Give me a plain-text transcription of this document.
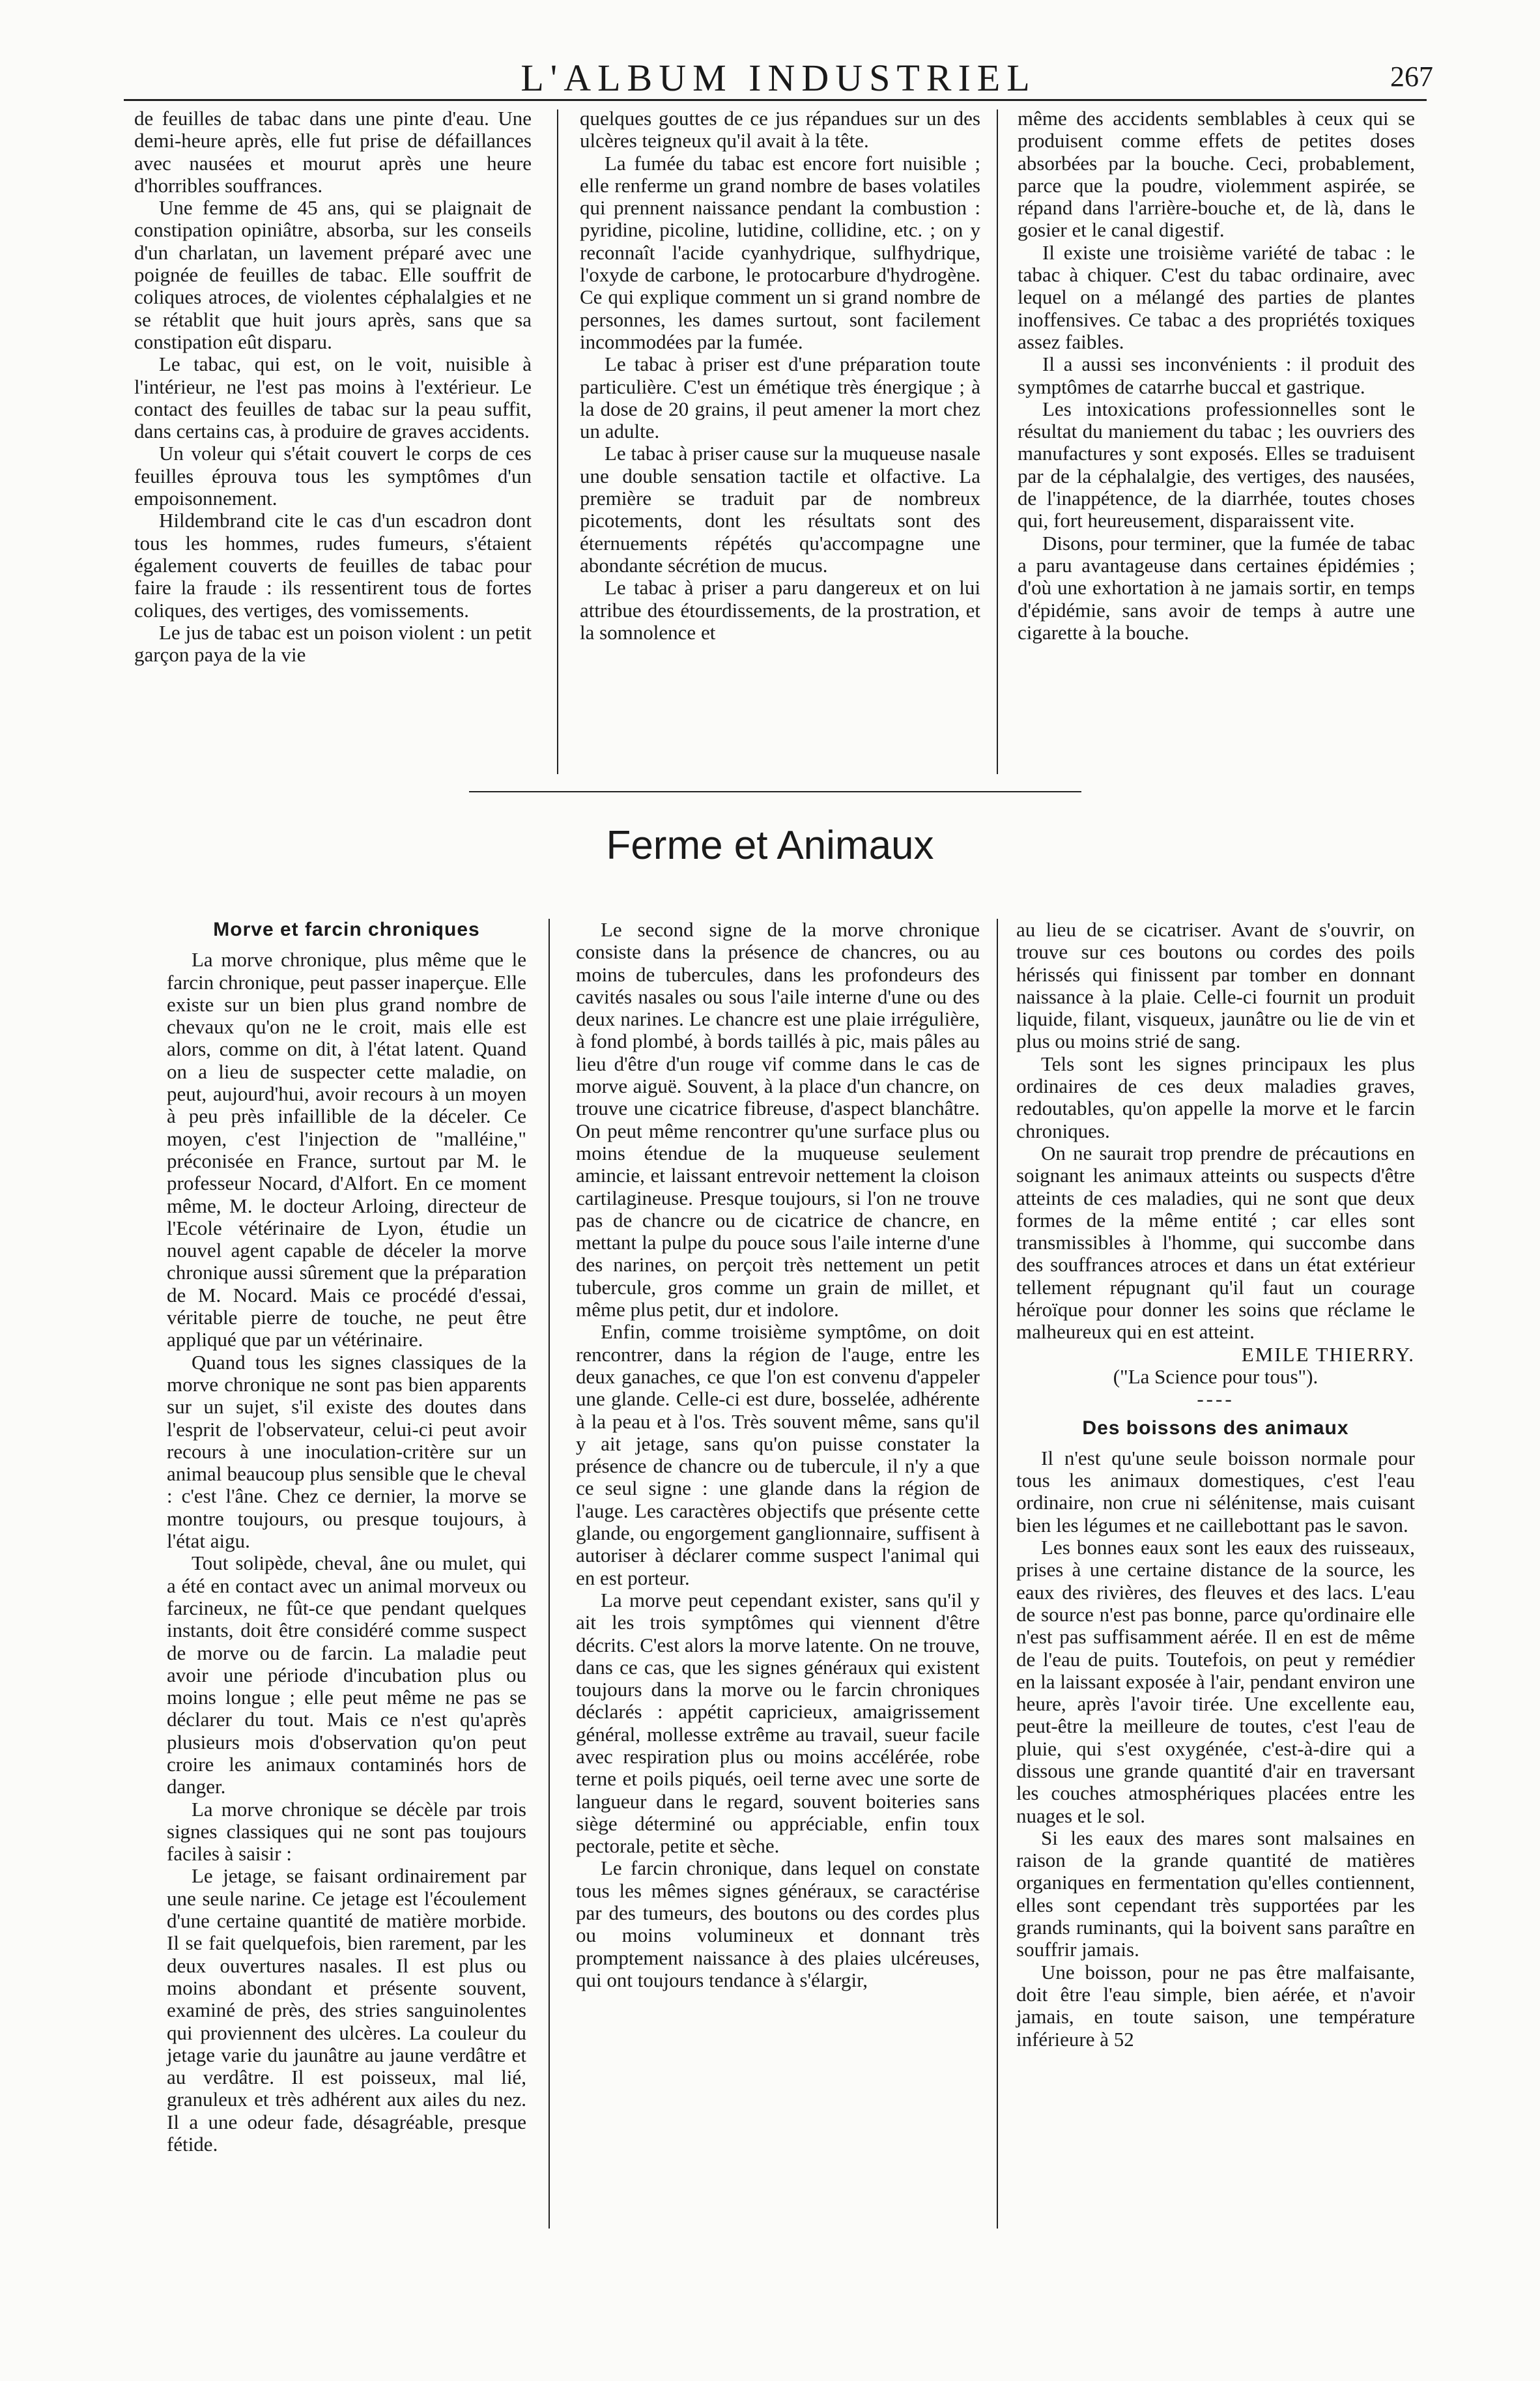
L'ALBUM INDUSTRIEL	267

de feuilles de tabac dans une pinte d'eau. Une demi-heure après, elle fut prise de défaillances avec nausées et mourut après une heure d'horribles souffrances.

Une femme de 45 ans, qui se plaignait de constipation opiniâtre, absorba, sur les conseils d'un charlatan, un lavement préparé avec une poignée de feuilles de tabac. Elle souffrit de coliques atroces, de violentes céphalalgies et ne se rétablit que huit jours après, sans que sa constipation eût disparu.

Le tabac, qui est, on le voit, nuisible à l'intérieur, ne l'est pas moins à l'extérieur. Le contact des feuilles de tabac sur la peau suffit, dans certains cas, à produire de graves accidents.

Un voleur qui s'était couvert le corps de ces feuilles éprouva tous les symptômes d'un empoisonnement.

Hildembrand cite le cas d'un escadron dont tous les hommes, rudes fumeurs, s'étaient également couverts de feuilles de tabac pour faire la fraude : ils ressentirent tous de fortes coliques, des vertiges, des vomissements.

Le jus de tabac est un poison violent : un petit garçon paya de la vie

quelques gouttes de ce jus répandues sur un des ulcères teigneux qu'il avait à la tête.

La fumée du tabac est encore fort nuisible ; elle renferme un grand nombre de bases volatiles qui prennent naissance pendant la combustion : pyridine, picoline, lutidine, collidine, etc. ; on y reconnaît l'acide cyanhydrique, sulfhydrique, l'oxyde de carbone, le protocarbure d'hydrogène. Ce qui explique comment un si grand nombre de personnes, les dames surtout, sont facilement incommodées par la fumée.

Le tabac à priser est d'une préparation toute particulière. C'est un émétique très énergique ; à la dose de 20 grains, il peut amener la mort chez un adulte.

Le tabac à priser cause sur la muqueuse nasale une double sensation tactile et olfactive. La première se traduit par de nombreux picotements, dont les résultats sont des éternuements répétés qu'accompagne une abondante sécrétion de mucus.

Le tabac à priser a paru dangereux et on lui attribue des étourdissements, de la prostration, et la somnolence et

même des accidents semblables à ceux qui se produisent comme effets de petites doses absorbées par la bouche. Ceci, probablement, parce que la poudre, violemment aspirée, se répand dans l'arrière-bouche et, de là, dans le gosier et le canal digestif.

Il existe une troisième variété de tabac : le tabac à chiquer. C'est du tabac ordinaire, avec lequel on a mélangé des parties de plantes inoffensives. Ce tabac a des propriétés toxiques assez faibles.

Il a aussi ses inconvénients : il produit des symptômes de catarrhe buccal et gastrique.

Les intoxications professionnelles sont le résultat du maniement du tabac ; les ouvriers des manufactures y sont exposés. Elles se traduisent par de la céphalalgie, des vertiges, des nausées, de l'inappétence, de la diarrhée, toutes choses qui, fort heureusement, disparaissent vite.

Disons, pour terminer, que la fumée de tabac a paru avantageuse dans certaines épidémies ; d'où une exhortation à ne jamais sortir, en temps d'épidémie, sans avoir de temps à autre une cigarette à la bouche.

Ferme et Animaux
Morve et farcin chroniques

La morve chronique, plus même que le farcin chronique, peut passer inaperçue. Elle existe sur un bien plus grand nombre de chevaux qu'on ne le croit, mais elle est alors, comme on dit, à l'état latent. Quand on a lieu de suspecter cette maladie, on peut, aujourd'hui, avoir recours à un moyen à peu près infaillible de la déceler. Ce moyen, c'est l'injection de "malléine," préconisée en France, surtout par M. le professeur Nocard, d'Alfort. En ce moment même, M. le docteur Arloing, directeur de l'Ecole vétérinaire de Lyon, étudie un nouvel agent capable de déceler la morve chronique aussi sûrement que la préparation de M. Nocard. Mais ce procédé d'essai, véritable pierre de touche, ne peut être appliqué que par un vétérinaire.

Quand tous les signes classiques de la morve chronique ne sont pas bien apparents sur un sujet, s'il existe des doutes dans l'esprit de l'observateur, celui-ci peut avoir recours à une inoculation-critère sur un animal beaucoup plus sensible que le cheval : c'est l'âne. Chez ce dernier, la morve se montre toujours, ou presque toujours, à l'état aigu.

Tout solipède, cheval, âne ou mulet, qui a été en contact avec un animal morveux ou farcineux, ne fût-ce que pendant quelques instants, doit être considéré comme suspect de morve ou de farcin. La maladie peut avoir une période d'incubation plus ou moins longue ; elle peut même ne pas se déclarer du tout. Mais ce n'est qu'après plusieurs mois d'observation qu'on peut croire les animaux contaminés hors de danger.

La morve chronique se décèle par trois signes classiques qui ne sont pas toujours faciles à saisir :

Le jetage, se faisant ordinairement par une seule narine. Ce jetage est l'écoulement d'une certaine quantité de matière morbide. Il se fait quelquefois, bien rarement, par les deux ouvertures nasales. Il est plus ou moins abondant et présente souvent, examiné de près, des stries sanguinolentes qui proviennent des ulcères. La couleur du jetage varie du jaunâtre au jaune verdâtre et au verdâtre. Il est poisseux, mal lié, granuleux et très adhérent aux ailes du nez. Il a une odeur fade, désagréable, presque fétide.

Le second signe de la morve chronique consiste dans la présence de chancres, ou au moins de tubercules, dans les profondeurs des cavités nasales ou sous l'aile interne d'une ou des deux narines. Le chancre est une plaie irrégulière, à fond plombé, à bords taillés à pic, mais pâles au lieu d'être d'un rouge vif comme dans le cas de morve aiguë. Souvent, à la place d'un chancre, on trouve une cicatrice fibreuse, d'aspect blanchâtre. On peut même rencontrer qu'une surface plus ou moins étendue de la muqueuse seulement amincie, et laissant entrevoir nettement la cloison cartilagineuse. Presque toujours, si l'on ne trouve pas de chancre ou de cicatrice de chancre, en mettant la pulpe du pouce sous l'aile interne d'une des narines, on perçoit très nettement un petit tubercule, gros comme un grain de millet, et même plus petit, dur et indolore.

Enfin, comme troisième symptôme, on doit rencontrer, dans la région de l'auge, entre les deux ganaches, ce que l'on est convenu d'appeler une glande. Celle-ci est dure, bosselée, adhérente à la peau et à l'os. Très souvent même, sans qu'il y ait jetage, sans qu'on puisse constater la présence de chancre ou de tubercule, il n'y a que ce seul signe : une glande dans la région de l'auge. Les caractères objectifs que présente cette glande, ou engorgement ganglionnaire, suffisent à autoriser à déclarer comme suspect l'animal qui en est porteur.

La morve peut cependant exister, sans qu'il y ait les trois symptômes qui viennent d'être décrits. C'est alors la morve latente. On ne trouve, dans ce cas, que les signes généraux qui existent toujours dans la morve ou le farcin chroniques déclarés : appétit capricieux, amaigrissement général, mollesse extrême au travail, sueur facile avec respiration plus ou moins accélérée, robe terne et poils piqués, oeil terne avec une sorte de langueur dans le regard, souvent boiteries sans siège déterminé ou appréciable, enfin toux pectorale, petite et sèche.

Le farcin chronique, dans lequel on constate tous les mêmes signes généraux, se caractérise par des tumeurs, des boutons ou des cordes plus ou moins volumineux et donnant très promptement naissance à des plaies ulcéreuses, qui ont toujours tendance à s'élargir,

au lieu de se cicatriser. Avant de s'ouvrir, on trouve sur ces boutons ou cordes des poils hérissés qui finissent par tomber en donnant naissance à la plaie. Celle-ci fournit un produit liquide, filant, visqueux, jaunâtre ou lie de vin et plus ou moins strié de sang.

Tels sont les signes principaux les plus ordinaires de ces deux maladies graves, redoutables, qu'on appelle la morve et le farcin chroniques.

On ne saurait trop prendre de précautions en soignant les animaux atteints ou suspects d'être atteints de ces maladies, qui ne sont que deux formes de la même entité ; car elles sont transmissibles à l'homme, qui succombe dans des souffrances atroces et dans un état extérieur tellement répugnant qu'il faut un courage héroïque pour donner les soins que réclame le malheureux qui en est atteint.

EMILE THIERRY.

("La Science pour tous").

----

Des boissons des animaux

Il n'est qu'une seule boisson normale pour tous les animaux domestiques, c'est l'eau ordinaire, non crue ni sélénitense, mais cuisant bien les légumes et ne caillebottant pas le savon.

Les bonnes eaux sont les eaux des ruisseaux, prises à une certaine distance de la source, les eaux des rivières, des fleuves et des lacs. L'eau de source n'est pas bonne, parce qu'ordinaire elle n'est pas suffisamment aérée. Il en est de même de l'eau de puits. Toutefois, on peut y remédier en la laissant exposée à l'air, pendant environ une heure, après l'avoir tirée. Une excellente eau, peut-être la meilleure de toutes, c'est l'eau de pluie, qui s'est oxygénée, c'est-à-dire qui a dissous une grande quantité d'air en traversant les couches atmosphériques placées entre les nuages et le sol.

Si les eaux des mares sont malsaines en raison de la grande quantité de matières organiques en fermentation qu'elles contiennent, elles sont cependant très supportées par les grands ruminants, qui la boivent sans paraître en souffrir jamais.

Une boisson, pour ne pas être malfaisante, doit être l'eau simple, bien aérée, et n'avoir jamais, en toute saison, une température inférieure à 52
